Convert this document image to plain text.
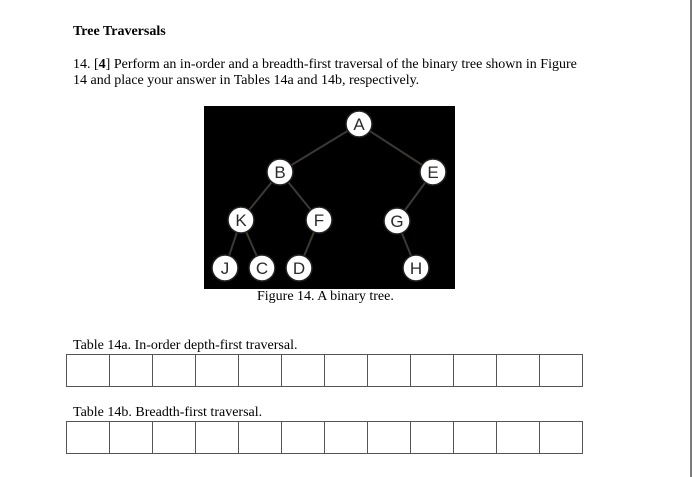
Tree Traversals
14. [4] Perform an in-order and a breadth-first traversal of the binary tree shown in Figure
14 and place your answer in Tables 14a and 14b, respectively.
A
B	E
K	F	G
J C D	H
Figure 14. A binary tree.
Table 14a. In-order depth-first traversal.

Table 14b. Breadth-first traversal.
